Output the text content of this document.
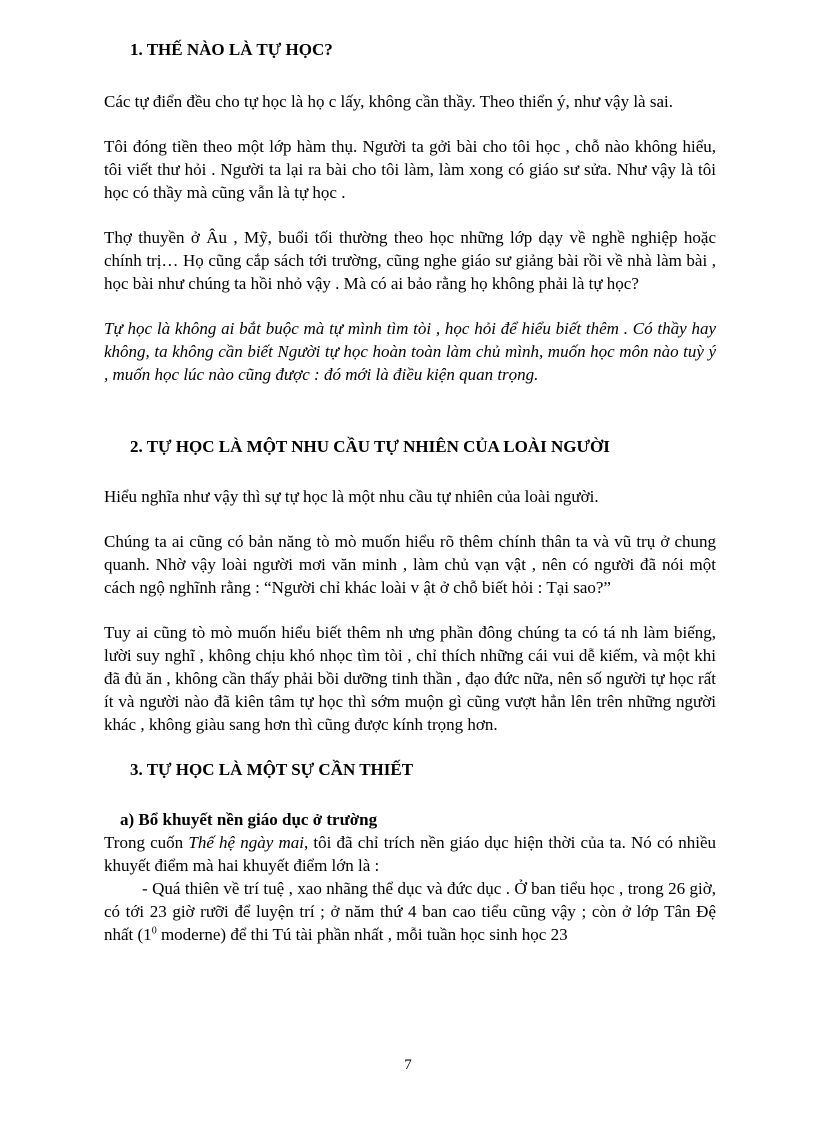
1. THẾ NÀO LÀ TỰ HỌC?

Các tự điển đều cho tự học là họ c lấy, không cần thầy. Theo thiển ý, như vậy là sai.

Tôi đóng tiền theo một lớp hàm thụ. Người ta gởi bài cho tôi học , chỗ nào không hiểu, tôi viết thư hỏi . Người ta lại ra bài cho tôi làm, làm xong có giáo sư sửa. Như vậy là tôi học có thầy mà cũng vẫn là tự học .

Thợ thuyền ở Âu , Mỹ, buổi tối thường theo học những lớp dạy về nghề nghiệp hoặc chính trị… Họ cũng cắp sách tới trường, cũng nghe giáo sư giảng bài rồi về nhà làm bài , học bài như chúng ta hồi nhỏ vậy . Mà có ai bảo rằng họ không phải là tự học?

Tự học là không ai bắt buộc mà tự mình tìm tòi , học hỏi để hiểu biết thêm . Có thầy hay không, ta không cần biết Người tự học hoàn toàn làm chủ mình, muốn học môn nào tuỳ ý , muốn học lúc nào cũng được : đó mới là điều kiện quan trọng.

2. TỰ HỌC LÀ MỘT NHU CẦU TỰ NHIÊN CỦA LOÀI NGƯỜI

Hiểu nghĩa như vậy thì sự tự học là một nhu cầu tự nhiên của loài người.

Chúng ta ai cũng có bản năng tò mò muốn hiểu rõ thêm chính thân ta và vũ trụ ở chung quanh. Nhờ vậy loài người mơi văn minh , làm chủ vạn vật , nên có người đã nói một cách ngộ nghĩnh rằng : “Người chỉ khác loài v ật ở chỗ biết hỏi : Tại sao?”

Tuy ai cũng tò mò muốn hiểu biết thêm nh ưng phần đông chúng ta có tá nh làm biếng, lười suy nghĩ , không chịu khó nhọc tìm tòi , chỉ thích những cái vui dễ kiếm, và một khi đã đủ ăn , không cần thấy phải bồi dưỡng tinh thần , đạo đức nữa, nên số người tự học rất ít và người nào đã kiên tâm tự học thì sớm muộn gì cũng vượt hẳn lên trên những người khác , không giàu sang hơn thì cũng được kính trọng hơn.

3. TỰ HỌC LÀ MỘT SỰ CẦN THIẾT
a) Bổ khuyết nền giáo dục ở trường

Trong cuốn Thế hệ ngày mai, tôi đã chỉ trích nền giáo dục hiện thời của ta. Nó có nhiều khuyết điểm mà hai khuyết điểm lớn là :

- Quá thiên về trí tuệ , xao nhãng thể dục và đức dục . Ở ban tiểu học , trong 26 giờ, có tới 23 giờ rưỡi để luyện trí ; ở năm thứ 4 ban cao tiểu cũng vậy ; còn ở lớp Tân Đệ nhất ($1^0$ moderne) để thi Tú tài phần nhất , mỗi tuần học sinh học 23

7
